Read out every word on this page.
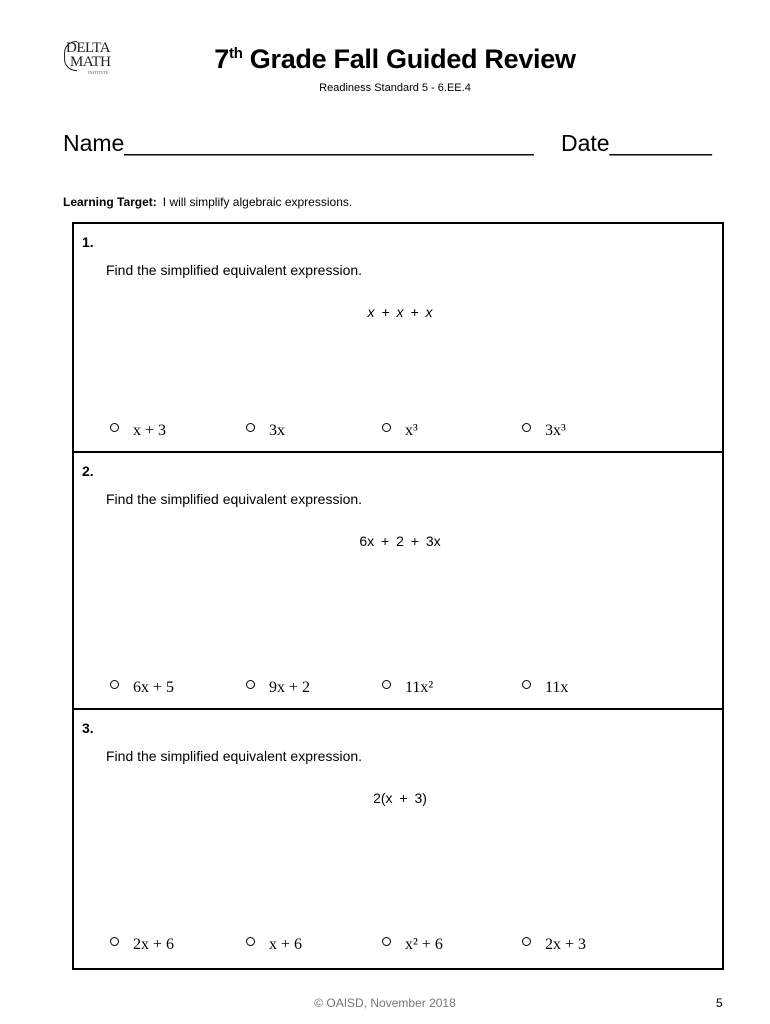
DELTA
MATH
INSTITUTE	7th Grade Fall Guided Review
Readiness Standard 5 - 6.EE.4
Name________________________________ Date________
Learning Target: I will simplify algebraic expressions.
1.
Find the simplified equivalent expression.
x + x + x
x + 3	3x	x³	3x³
2.
Find the simplified equivalent expression.
6x + 2 + 3x
6x + 5	9x + 2	11x²	11x
3.
Find the simplified equivalent expression.
2(x + 3)
2x + 6	x + 6	x² + 6	2x + 3
© OAISD, November 2018	5
